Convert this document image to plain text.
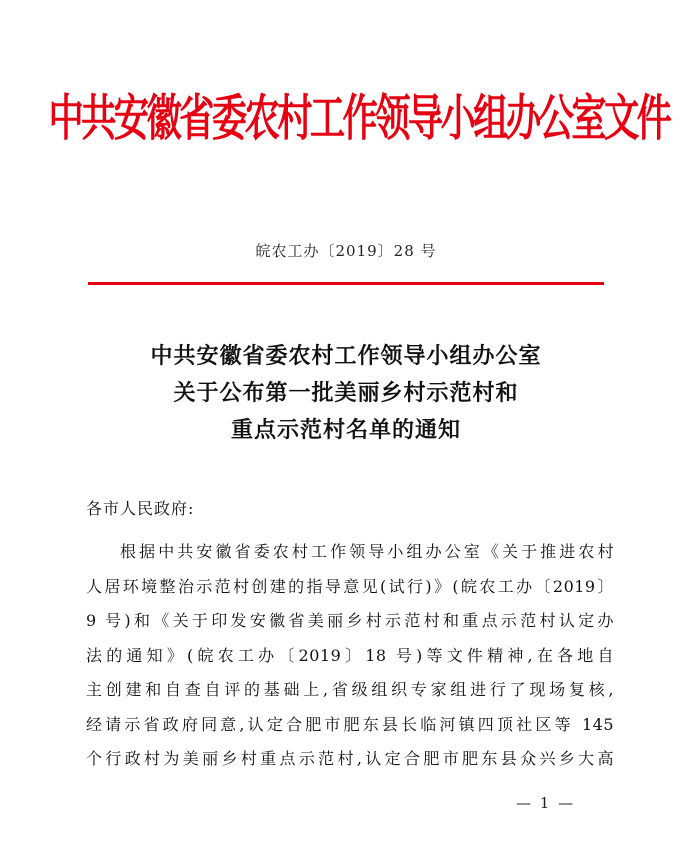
中共安徽省委农村工作领导小组办公室文件
皖农工办〔2019〕28 号
中共安徽省委农村工作领导小组办公室
关于公布第一批美丽乡村示范村和
重点示范村名单的通知
各市人民政府:
根据中共安徽省委农村工作领导小组办公室《关于推进农村
人居环境整治示范村创建的指导意见(试行)》(皖农工办〔2019〕
9 号)和《关于印发安徽省美丽乡村示范村和重点示范村认定办
法的通知》(皖农工办〔2019〕18 号)等文件精神,在各地自
主创建和自查自评的基础上,省级组织专家组进行了现场复核,
经请示省政府同意,认定合肥市肥东县长临河镇四顶社区等 145
个行政村为美丽乡村重点示范村,认定合肥市肥东县众兴乡大高
— 1 —
